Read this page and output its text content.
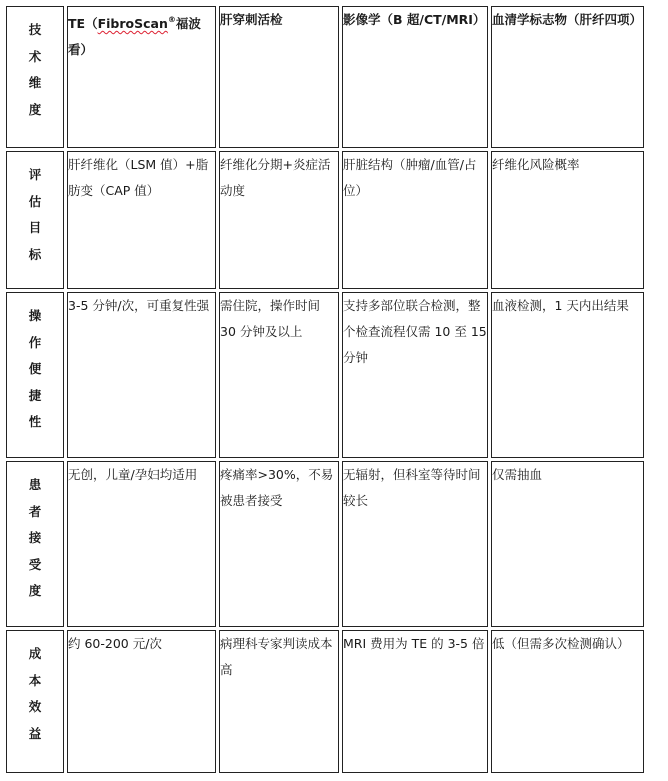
技术维度	TE（FibroScan®福波看）	肝穿刺活检	影像学（B 超/CT/MRI）	血清学标志物（肝纤四项）

评估目标	肝纤维化（LSM 值）+脂肪变（CAP 值）	纤维化分期+炎症活动度	肝脏结构（肿瘤/血管/占位）	纤维化风险概率

操作便捷性	3-5 分钟/次，可重复性强	需住院，操作时间 30 分钟及以上	支持多部位联合检测，整个检查流程仅需 10 至 15 分钟	血液检测，1 天内出结果

患者接受度	无创，儿童/孕妇均适用	疼痛率>30%，不易被患者接受	无辐射，但科室等待时间较长	仅需抽血

成本效益	约 60-200 元/次	病理科专家判读成本高	MRI 费用为 TE 的 3-5 倍	低（但需多次检测确认）
